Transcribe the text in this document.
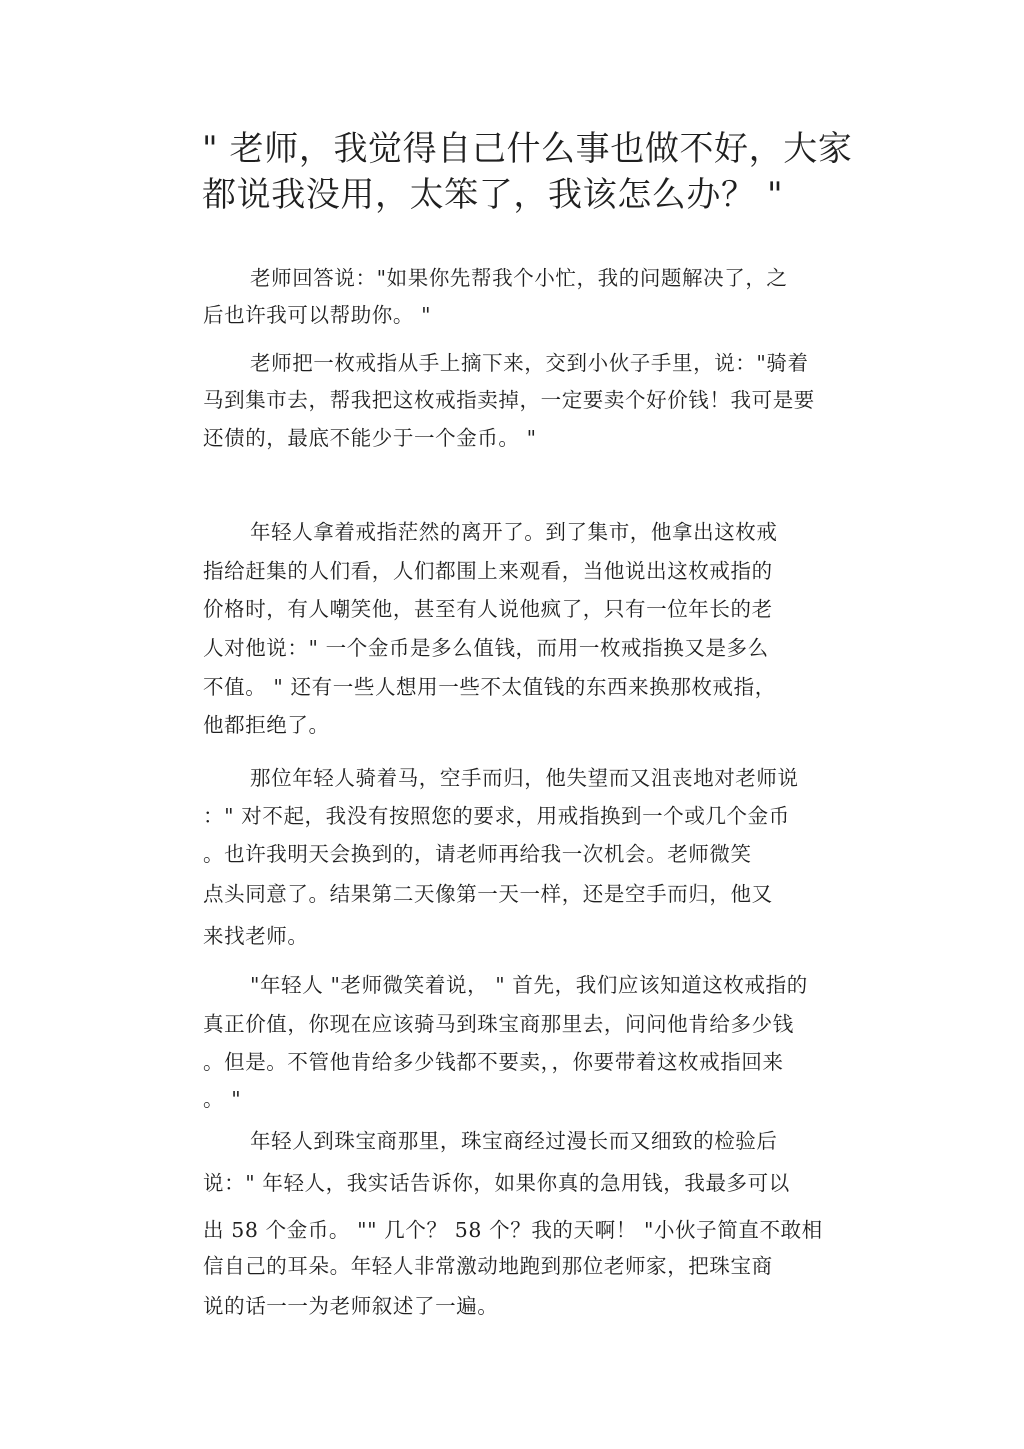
" 老师，我觉得自己什么事也做不好，大家
都说我没用，太笨了，我该怎么办？ "
老师回答说："如果你先帮我个小忙，我的问题解决了，之
后也许我可以帮助你。 "
老师把一枚戒指从手上摘下来，交到小伙子手里，说："骑着
马到集市去，帮我把这枚戒指卖掉，一定要卖个好价钱！我可是要
还债的，最底不能少于一个金币。 "
年轻人拿着戒指茫然的离开了。到了集市，他拿出这枚戒
指给赶集的人们看，人们都围上来观看，当他说出这枚戒指的
价格时，有人嘲笑他，甚至有人说他疯了，只有一位年长的老
人对他说：" 一个金币是多么值钱，而用一枚戒指换又是多么
不值。 " 还有一些人想用一些不太值钱的东西来换那枚戒指，
他都拒绝了。
那位年轻人骑着马，空手而归，他失望而又沮丧地对老师说
：" 对不起，我没有按照您的要求，用戒指换到一个或几个金币
。也许我明天会换到的，请老师再给我一次机会。老师微笑
点头同意了。结果第二天像第一天一样，还是空手而归，他又
来找老师。
"年轻人 "老师微笑着说， " 首先，我们应该知道这枚戒指的
真正价值，你现在应该骑马到珠宝商那里去，问问他肯给多少钱
。但是。不管他肯给多少钱都不要卖，，你要带着这枚戒指回来
。 "
年轻人到珠宝商那里，珠宝商经过漫长而又细致的检验后
说：" 年轻人，我实话告诉你，如果你真的急用钱，我最多可以
出 58 个金币。 "" 几个？ 58 个？我的天啊！ "小伙子简直不敢相
信自己的耳朵。年轻人非常激动地跑到那位老师家，把珠宝商
说的话一一为老师叙述了一遍。
